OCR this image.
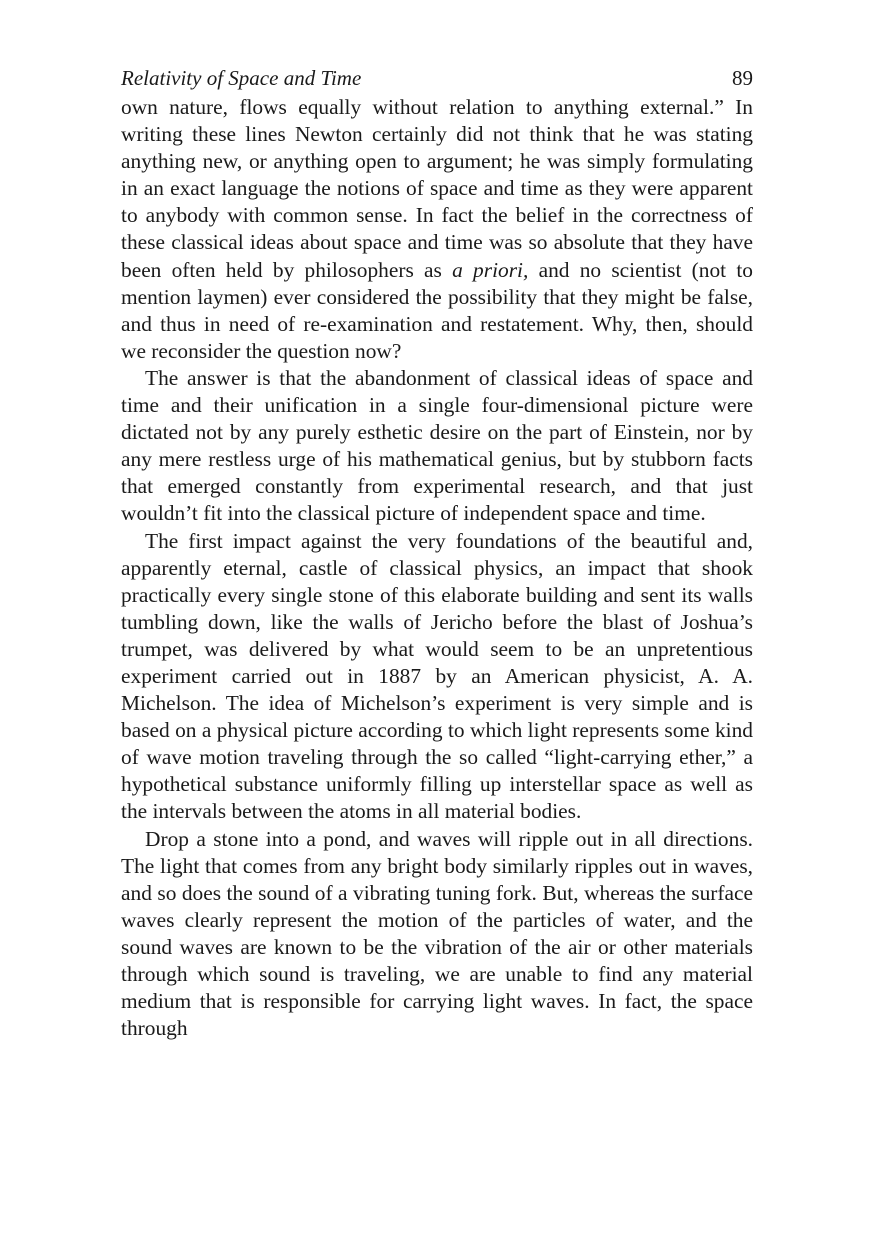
Relativity of Space and Time	89

own nature, flows equally without relation to anything external.” In writing these lines Newton certainly did not think that he was stating anything new, or anything open to argument; he was simply formulating in an exact language the notions of space and time as they were apparent to anybody with common sense. In fact the belief in the correctness of these classical ideas about space and time was so absolute that they have been often held by philosophers as a priori, and no scientist (not to mention laymen) ever considered the possibility that they might be false, and thus in need of re-examination and restatement. Why, then, should we reconsider the question now?

The answer is that the abandonment of classical ideas of space and time and their unification in a single four-dimensional picture were dictated not by any purely esthetic desire on the part of Einstein, nor by any mere restless urge of his mathematical genius, but by stubborn facts that emerged constantly from experimental research, and that just wouldn’t fit into the classical picture of independent space and time.

The first impact against the very foundations of the beautiful and, apparently eternal, castle of classical physics, an impact that shook practically every single stone of this elaborate building and sent its walls tumbling down, like the walls of Jericho before the blast of Joshua’s trumpet, was delivered by what would seem to be an unpretentious experiment carried out in 1887 by an American physicist, A. A. Michelson. The idea of Michelson’s experiment is very simple and is based on a physical picture according to which light represents some kind of wave motion traveling through the so called “light-carrying ether,” a hypothetical substance uniformly filling up interstellar space as well as the intervals between the atoms in all material bodies.

Drop a stone into a pond, and waves will ripple out in all directions. The light that comes from any bright body similarly ripples out in waves, and so does the sound of a vibrating tuning fork. But, whereas the surface waves clearly represent the motion of the particles of water, and the sound waves are known to be the vibration of the air or other materials through which sound is traveling, we are unable to find any material medium that is responsible for carrying light waves. In fact, the space through
